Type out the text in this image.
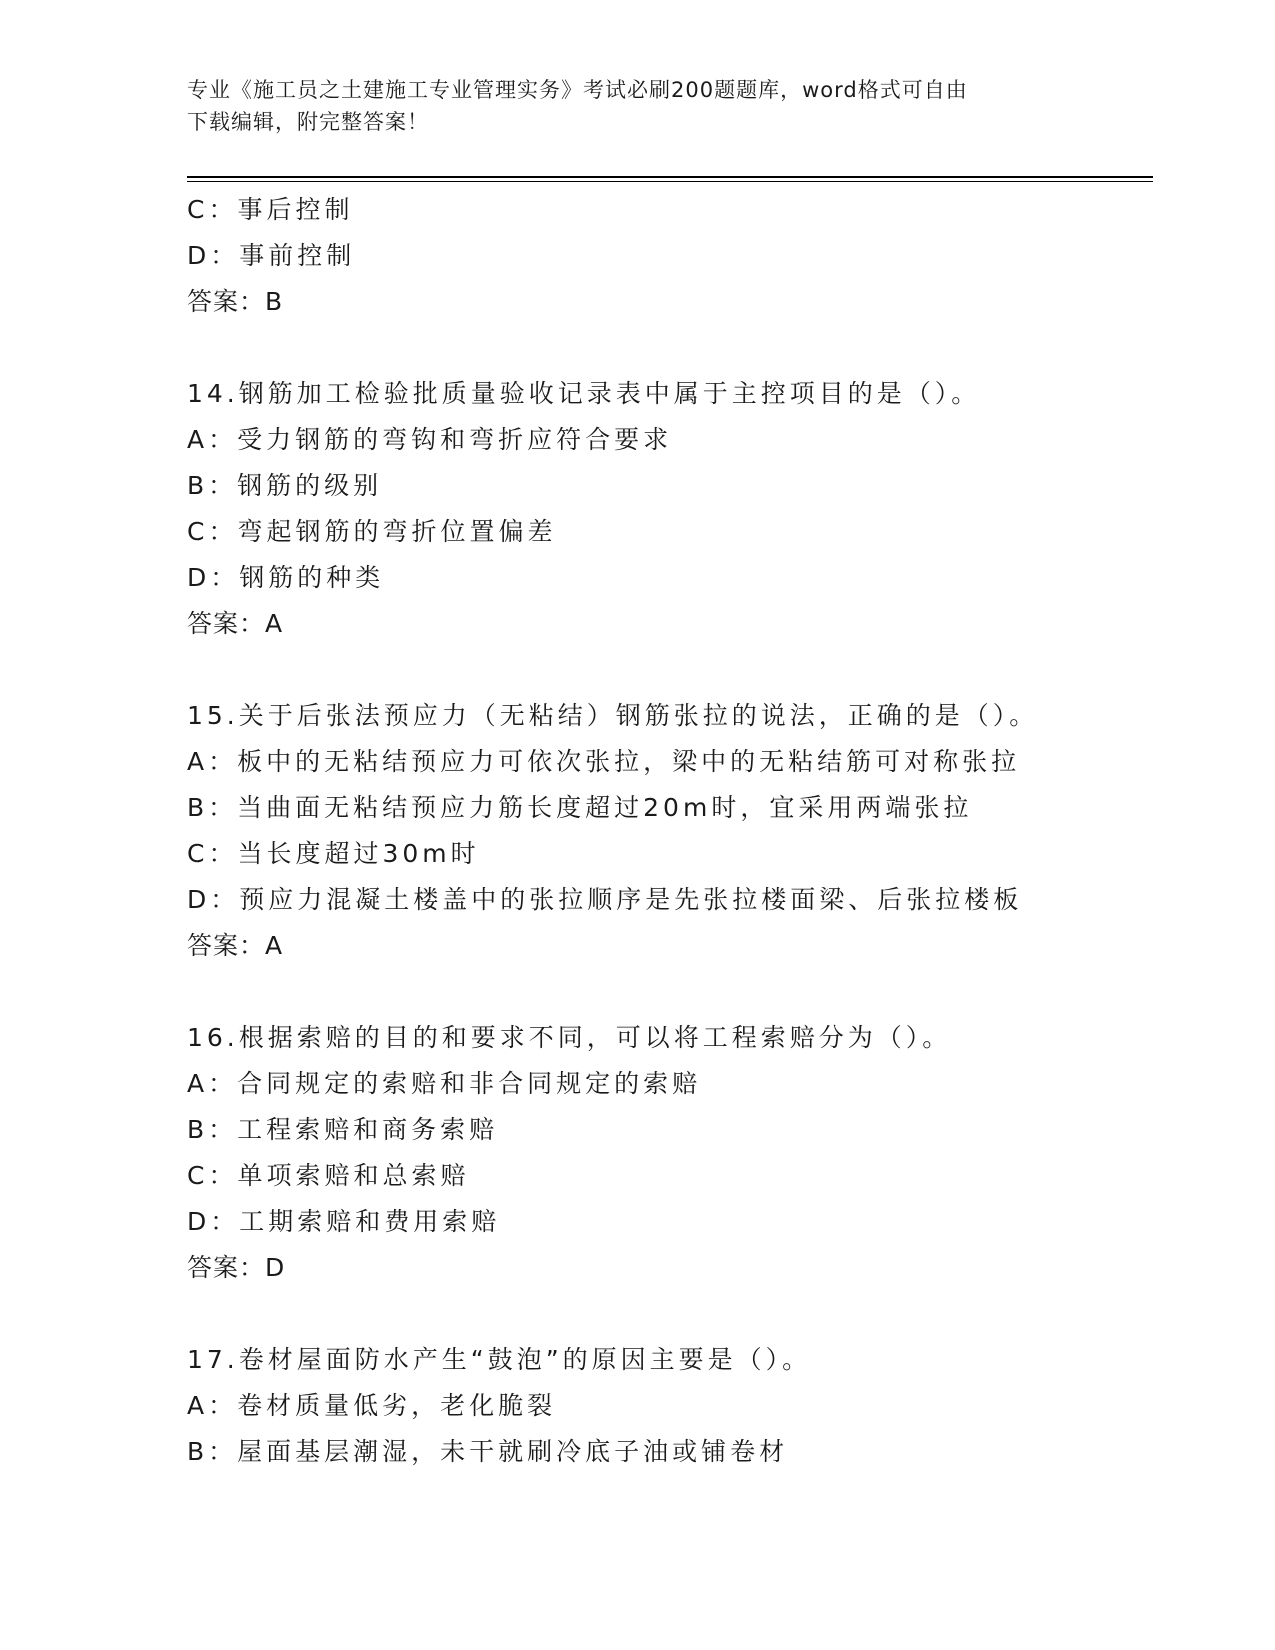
专业《施工员之土建施工专业管理实务》考试必刷200题题库，word格式可自由
下载编辑，附完整答案！
C：事后控制
D：事前控制
答案：B
14.钢筋加工检验批质量验收记录表中属于主控项目的是（）。
A：受力钢筋的弯钩和弯折应符合要求
B：钢筋的级别
C：弯起钢筋的弯折位置偏差
D：钢筋的种类
答案：A
15.关于后张法预应力（无粘结）钢筋张拉的说法，正确的是（）。
A：板中的无粘结预应力可依次张拉，梁中的无粘结筋可对称张拉
B：当曲面无粘结预应力筋长度超过20m时，宜采用两端张拉
C：当长度超过30m时
D：预应力混凝土楼盖中的张拉顺序是先张拉楼面梁、后张拉楼板
答案：A
16.根据索赔的目的和要求不同，可以将工程索赔分为（）。
A：合同规定的索赔和非合同规定的索赔
B：工程索赔和商务索赔
C：单项索赔和总索赔
D：工期索赔和费用索赔
答案：D
17.卷材屋面防水产生“鼓泡”的原因主要是（）。
A：卷材质量低劣，老化脆裂
B：屋面基层潮湿，未干就刷冷底子油或铺卷材
